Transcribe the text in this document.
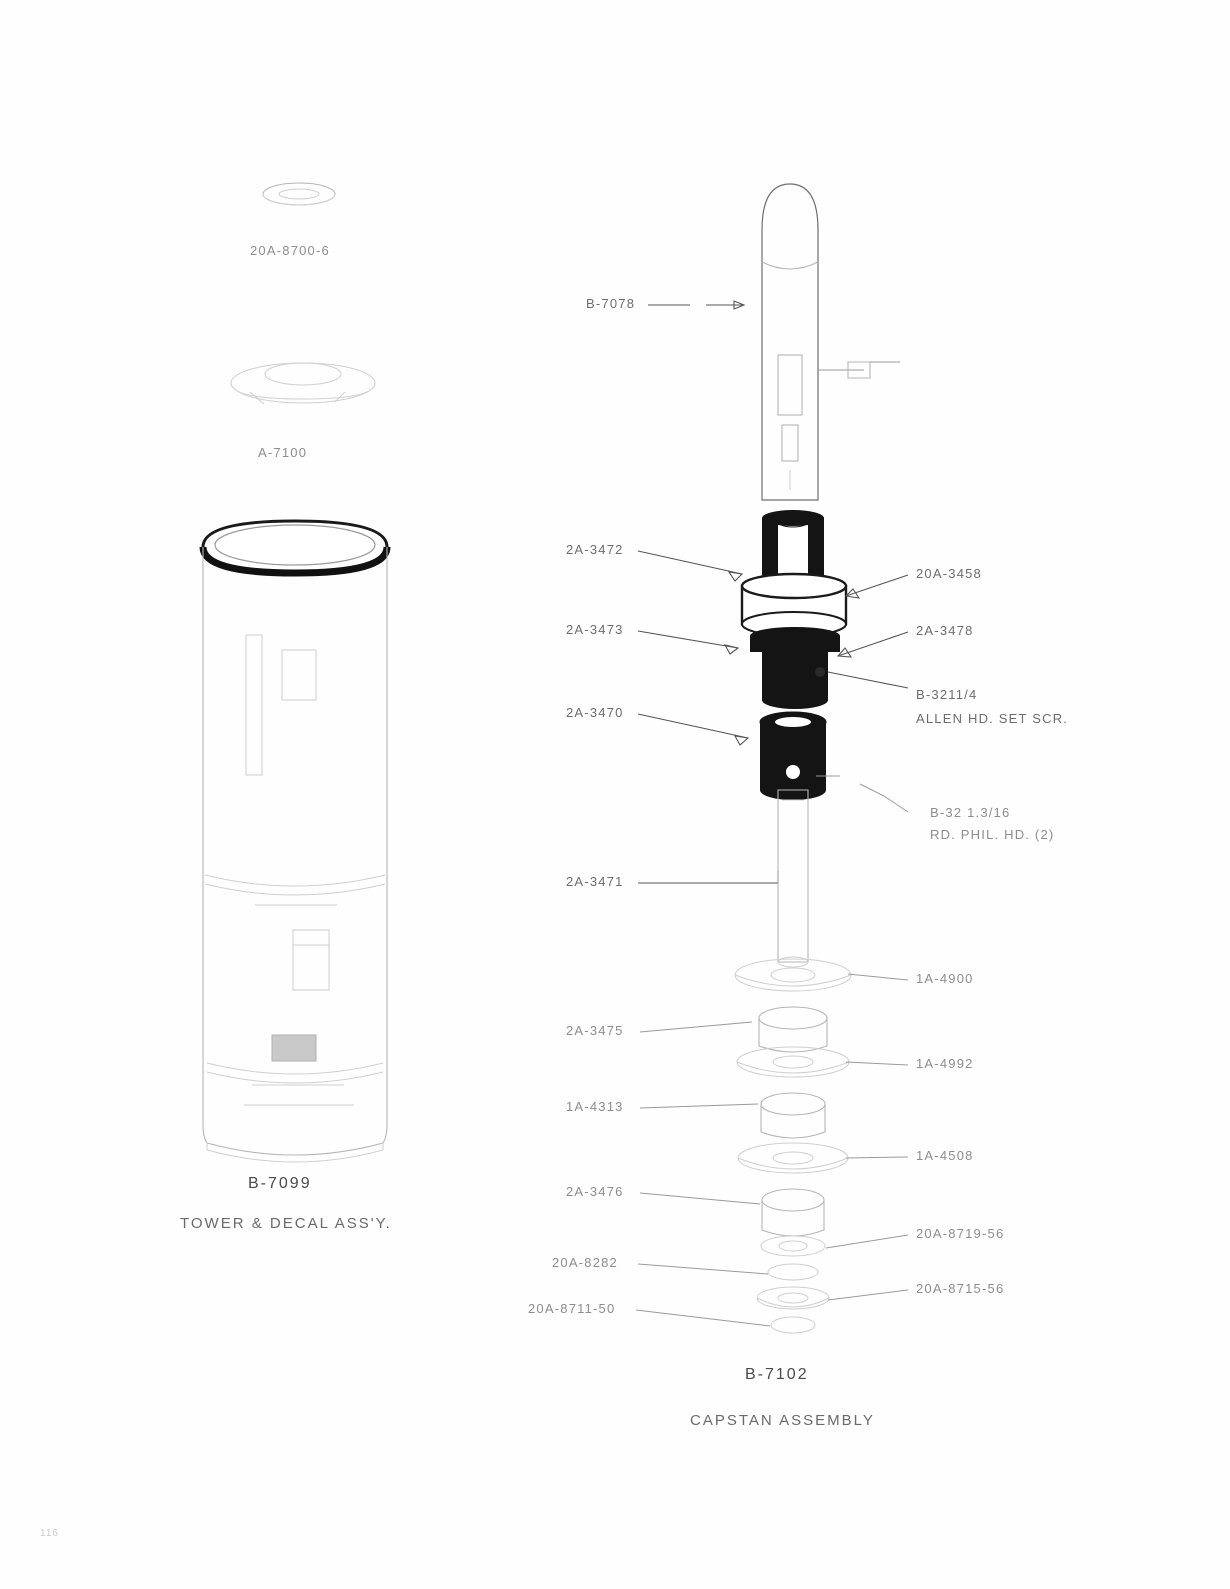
20A-8700-6
A-7100
B-7099
TOWER & DECAL ASS'Y.
B-7078
2A-3472
2A-3473
2A-3470
2A-3471
2A-3475
1A-4313
2A-3476
20A-8282
20A-8711-50
20A-3458
2A-3478
B-3211/4
ALLEN HD. SET SCR.
B-32 1.3/16
RD. PHIL. HD. (2)
1A-4900
1A-4992
1A-4508
20A-8719-56
20A-8715-56
B-7102
CAPSTAN ASSEMBLY
116
